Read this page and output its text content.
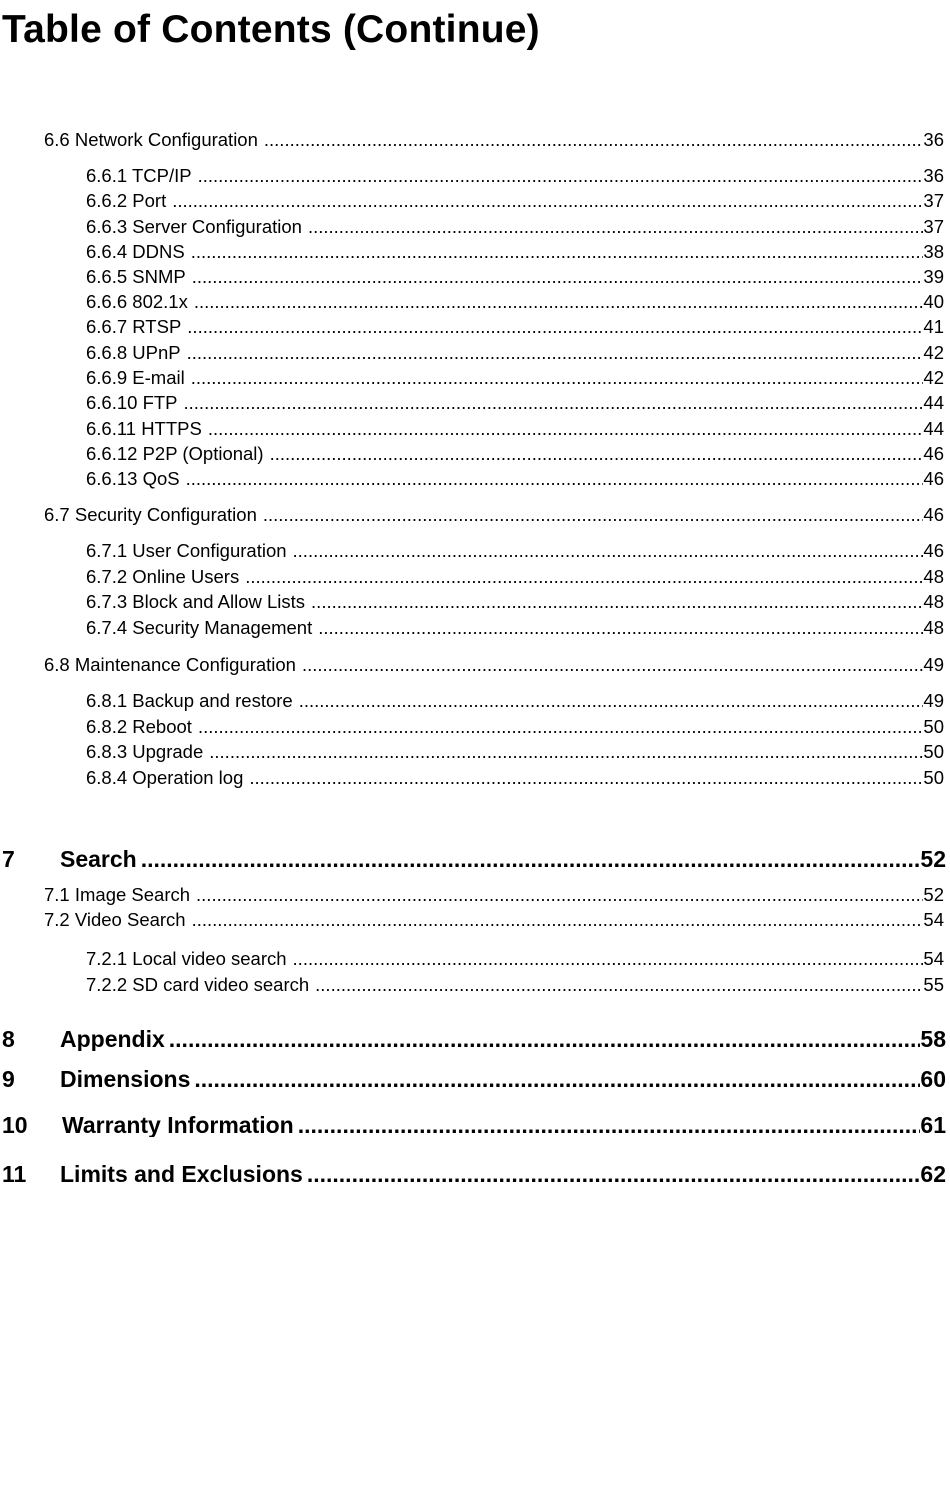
Table of Contents (Continue)
6.6 Network Configuration .....	36
6.6.1 TCP/IP .....	36
6.6.2 Port .....	37
6.6.3 Server Configuration .....	37
6.6.4 DDNS .....	38
6.6.5 SNMP .....	39
6.6.6 802.1x .....	40
6.6.7 RTSP .....	41
6.6.8 UPnP .....	42
6.6.9 E-mail .....	42
6.6.10 FTP .....	44
6.6.11 HTTPS .....	44
6.6.12 P2P (Optional) .....	46
6.6.13 QoS .....	46
6.7 Security Configuration .....	46
6.7.1 User Configuration .....	46
6.7.2 Online Users .....	48
6.7.3 Block and Allow Lists .....	48
6.7.4 Security Management .....	48
6.8 Maintenance Configuration .....	49
6.8.1 Backup and restore .....	49
6.8.2 Reboot .....	50
6.8.3 Upgrade .....	50
6.8.4 Operation log .....	50
7	Search .....	52
7.1 Image Search .....	52
7.2 Video Search .....	54
7.2.1 Local video search .....	54
7.2.2 SD card video search .....	55
8	Appendix .....	58
9	Dimensions .....	60
10	Warranty Information .....	61
11	Limits and Exclusions .....	62
